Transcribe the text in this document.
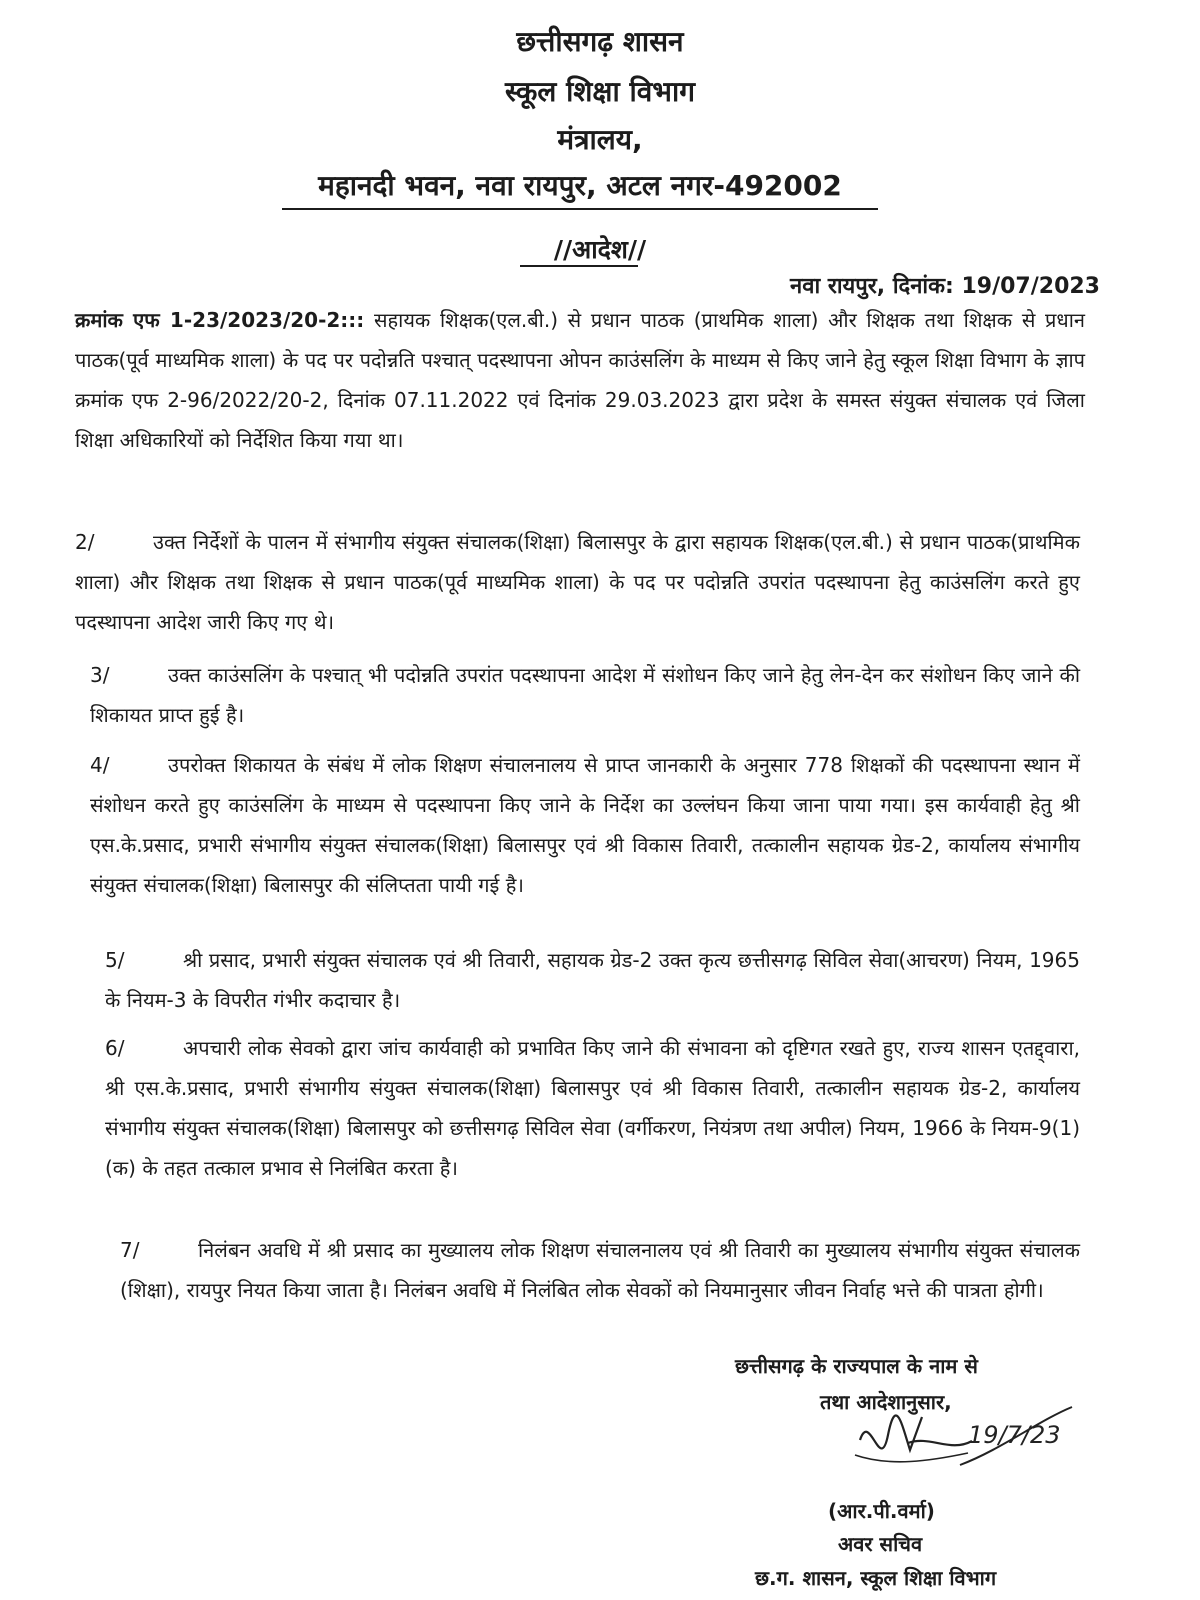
छत्तीसगढ़ शासन
स्कूल शिक्षा विभाग
मंत्रालय,
महानदी भवन, नवा रायपुर, अटल नगर-492002
//आदेश//
नवा रायपुर, दिनांक: 19/07/2023
क्रमांक एफ 1-23/2023/20-2::: सहायक शिक्षक(एल.बी.) से प्रधान पाठक (प्राथमिक शाला) और शिक्षक तथा शिक्षक से प्रधान पाठक(पूर्व माध्यमिक शाला) के पद पर पदोन्नति पश्चात् पदस्थापना ओपन काउंसलिंग के माध्यम से किए जाने हेतु स्कूल शिक्षा विभाग के ज्ञाप क्रमांक एफ 2-96/2022/20-2, दिनांक 07.11.2022 एवं दिनांक 29.03.2023 द्वारा प्रदेश के समस्त संयुक्त संचालक एवं जिला शिक्षा अधिकारियों को निर्देशित किया गया था।
2/	उक्त निर्देशों के पालन में संभागीय संयुक्त संचालक(शिक्षा) बिलासपुर के द्वारा सहायक शिक्षक(एल.बी.) से प्रधान पाठक(प्राथमिक शाला) और शिक्षक तथा शिक्षक से प्रधान पाठक(पूर्व माध्यमिक शाला) के पद पर पदोन्नति उपरांत पदस्थापना हेतु काउंसलिंग करते हुए पदस्थापना आदेश जारी किए गए थे।
3/	उक्त काउंसलिंग के पश्चात् भी पदोन्नति उपरांत पदस्थापना आदेश में संशोधन किए जाने हेतु लेन-देन कर संशोधन किए जाने की शिकायत प्राप्त हुई है।
4/	उपरोक्त शिकायत के संबंध में लोक शिक्षण संचालनालय से प्राप्त जानकारी के अनुसार 778 शिक्षकों की पदस्थापना स्थान में संशोधन करते हुए काउंसलिंग के माध्यम से पदस्थापना किए जाने के निर्देश का उल्लंघन किया जाना पाया गया। इस कार्यवाही हेतु श्री एस.के.प्रसाद, प्रभारी संभागीय संयुक्त संचालक(शिक्षा) बिलासपुर एवं श्री विकास तिवारी, तत्कालीन सहायक ग्रेड-2, कार्यालय संभागीय संयुक्त संचालक(शिक्षा) बिलासपुर की संलिप्तता पायी गई है।
5/	श्री प्रसाद, प्रभारी संयुक्त संचालक एवं श्री तिवारी, सहायक ग्रेड-2 उक्त कृत्य छत्तीसगढ़ सिविल सेवा(आचरण) नियम, 1965 के नियम-3 के विपरीत गंभीर कदाचार है।
6/	अपचारी लोक सेवको द्वारा जांच कार्यवाही को प्रभावित किए जाने की संभावना को दृष्टिगत रखते हुए, राज्य शासन एतद्द्वारा, श्री एस.के.प्रसाद, प्रभारी संभागीय संयुक्त संचालक(शिक्षा) बिलासपुर एवं श्री विकास तिवारी, तत्कालीन सहायक ग्रेड-2, कार्यालय संभागीय संयुक्त संचालक(शिक्षा) बिलासपुर को छत्तीसगढ़ सिविल सेवा (वर्गीकरण, नियंत्रण तथा अपील) नियम, 1966 के नियम-9(1)(क) के तहत तत्काल प्रभाव से निलंबित करता है।
7/	निलंबन अवधि में श्री प्रसाद का मुख्यालय लोक शिक्षण संचालनालय एवं श्री तिवारी का मुख्यालय संभागीय संयुक्त संचालक (शिक्षा), रायपुर नियत किया जाता है। निलंबन अवधि में निलंबित लोक सेवकों को नियमानुसार जीवन निर्वाह भत्ते की पात्रता होगी।
छत्तीसगढ़ के राज्यपाल के नाम से
तथा आदेशानुसार,
19/7/23
(आर.पी.वर्मा)
अवर सचिव
छ.ग. शासन, स्कूल शिक्षा विभाग
